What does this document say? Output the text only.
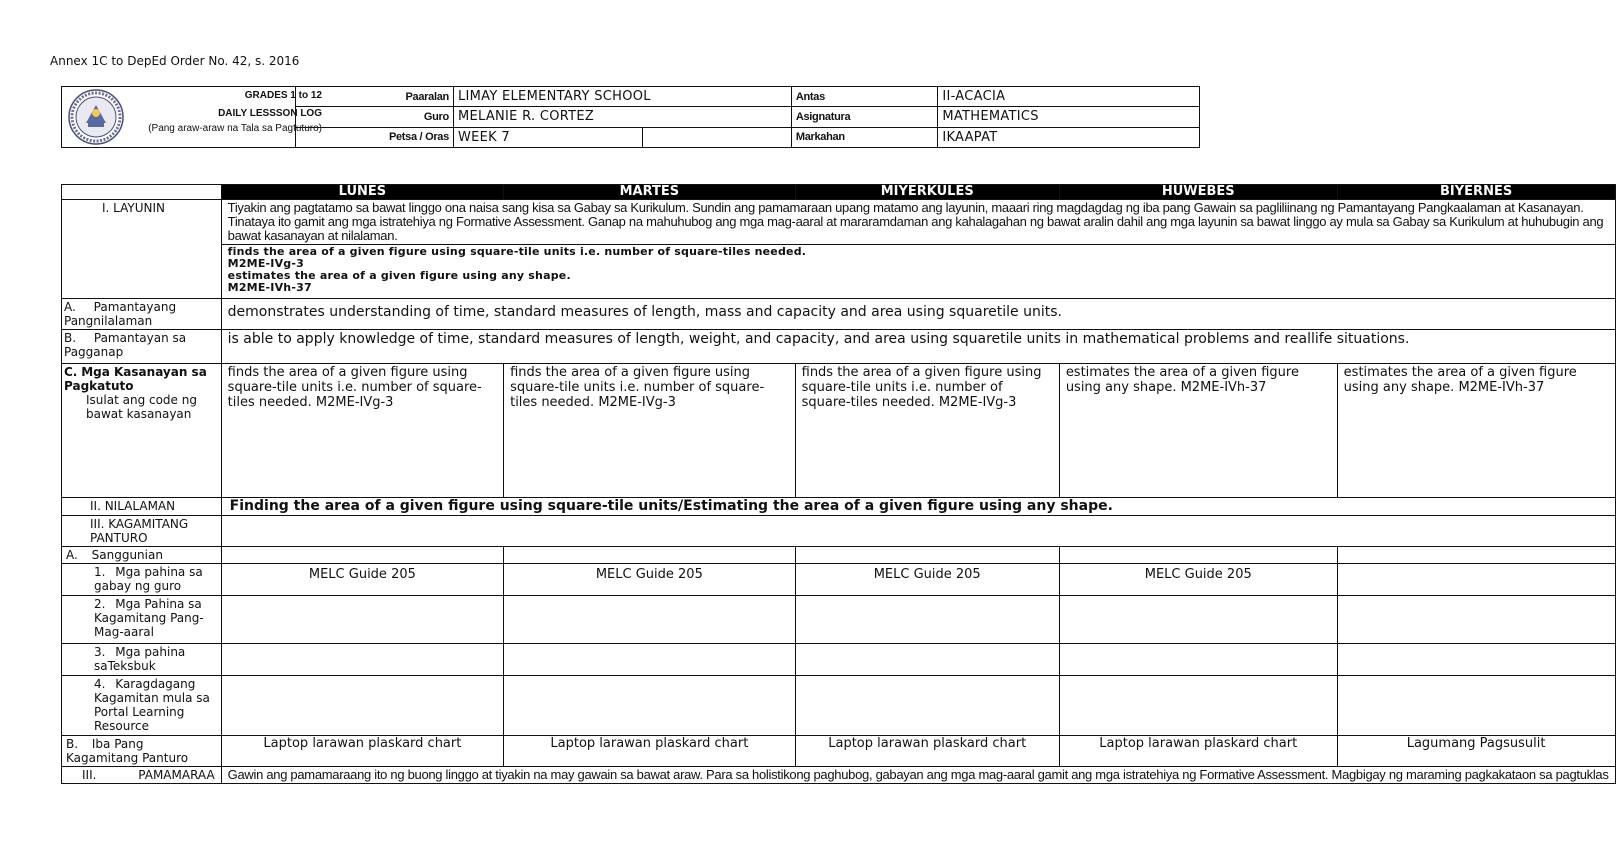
Annex 1C to DepEd Order No. 42, s. 2016
GRADES 1 to 12
DAILY LESSSON LOG
(Pang araw-araw na Tala sa Pagtuturo)	Paaralan	LIMAY ELEMENTARY SCHOOL		Antas	II-ACACIA
	Guro	MELANIE R. CORTEZ		Asignatura	MATHEMATICS
	Petsa / Oras	WEEK 7		Markahan	IKAAPAT
	LUNES	MARTES	MIYERKULES	HUWEBES	BIYERNES
I. LAYUNIN	Tiyakin ang pagtatamo sa bawat linggo ona naisa sang kisa sa Gabay sa Kurikulum. Sundin ang pamamaraan upang matamo ang layunin, maaari ring magdagdag ng iba pang Gawain sa pagliliinang ng Pamantayang Pangkaalaman at Kasanayan. Tinataya ito gamit ang mga istratehiya ng Formative Assessment. Ganap na mahuhubog ang mga mag-aaral at mararamdaman ang kahalagahan ng bawat aralin dahil ang mga layunin sa bawat linggo ay mula sa Gabay sa Kurikulum at huhubugin ang bawat kasanayan at nilalaman.				

	finds the area of a given figure using square-tile units i.e. number of square-tiles needed.
M2ME-IVg-3
estimates the area of a given figure using any shape.
M2ME-IVh-37				

A. Pamantayang Pangnilalaman	demonstrates understanding of time, standard measures of length, mass and capacity and area using squaretile units.				
B. Pamantayan sa Pagganap	is able to apply knowledge of time, standard measures of length, weight, and capacity, and area using squaretile units in mathematical problems and reallife situations.				
C. Mga Kasanayan sa Pagkatuto
Isulat ang code ng bawat kasanayan	finds the area of a given figure using square-tile units i.e. number of square-tiles needed. M2ME-IVg-3	finds the area of a given figure using square-tile units i.e. number of square-tiles needed. M2ME-IVg-3	finds the area of a given figure using square-tile units i.e. number of square-tiles needed. M2ME-IVg-3	estimates the area of a given figure using any shape. M2ME-IVh-37	estimates the area of a given figure using any shape. M2ME-IVh-37
II. NILALAMAN	Finding the area of a given figure using square-tile units/Estimating the area of a given figure using any shape.				
III. KAGAMITANG PANTURO					
A. Sanggunian					
1. Mga pahina sa gabay ng guro	MELC Guide 205	MELC Guide 205	MELC Guide 205	MELC Guide 205	
2. Mga Pahina sa Kagamitang Pang-Mag-aaral					
3. Mga pahina saTeksbuk					
4. Karagdagang Kagamitan mula sa Portal Learning Resource					
B. Iba Pang Kagamitang Panturo	Laptop larawan plaskard chart	Laptop larawan plaskard chart	Laptop larawan plaskard chart	Laptop larawan plaskard chart	Lagumang Pagsusulit
III. PAMAMARAA	Gawin ang pamamaraang ito ng buong linggo at tiyakin na may gawain sa bawat araw. Para sa holistikong paghubog, gabayan ang mga mag-aaral gamit ang mga istratehiya ng Formative Assessment. Magbigay ng maraming pagkakataon sa pagtuklas				
